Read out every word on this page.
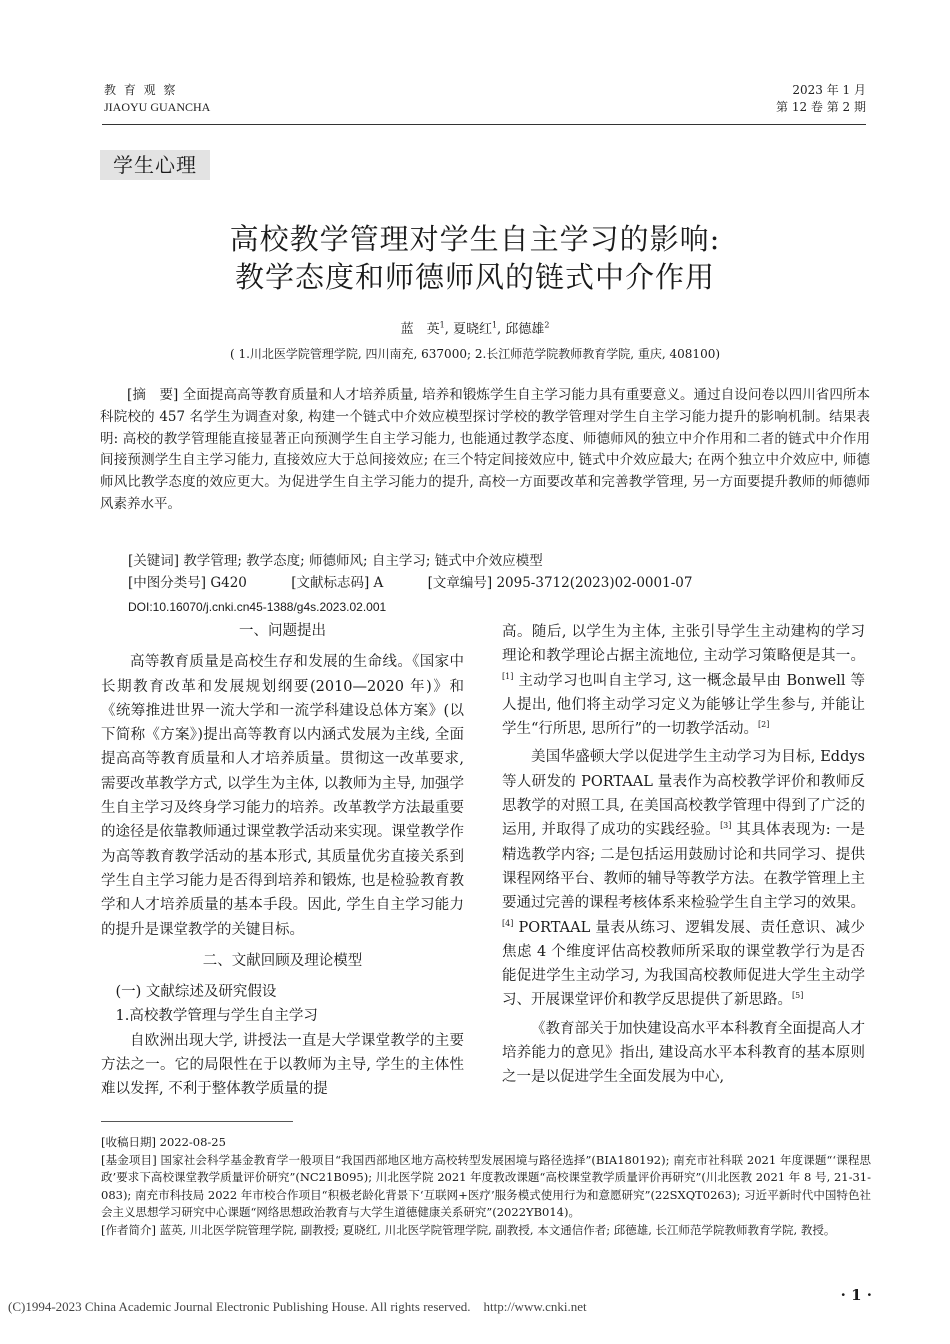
教 育 观 察
JIAOYU GUANCHA
2023 年 1 月
第 12 卷 第 2 期
学生心理
高校教学管理对学生自主学习的影响:
教学态度和师德师风的链式中介作用
蓝　英$^1$, 夏晓红$^1$, 邱德雄$^2$
( 1.川北医学院管理学院, 四川南充, 637000; 2.长江师范学院教师教育学院, 重庆, 408100)
[摘　要] 全面提高高等教育质量和人才培养质量, 培养和锻炼学生自主学习能力具有重要意义。通过自设问卷以四川省四所本科院校的 457 名学生为调查对象, 构建一个链式中介效应模型探讨学校的教学管理对学生自主学习能力提升的影响机制。结果表明: 高校的教学管理能直接显著正向预测学生自主学习能力, 也能通过教学态度、师德师风的独立中介作用和二者的链式中介作用间接预测学生自主学习能力, 直接效应大于总间接效应; 在三个特定间接效应中, 链式中介效应最大; 在两个独立中介效应中, 师德师风比教学态度的效应更大。为促进学生自主学习能力的提升, 高校一方面要改革和完善教学管理, 另一方面要提升教师的师德师风素养水平。
[关键词] 教学管理; 教学态度; 师德师风; 自主学习; 链式中介效应模型
[中图分类号] G420	[文献标志码] A	[文章编号] 2095-3712(2023)02-0001-07
DOI:10.16070/j.cnki.cn45-1388/g4s.2023.02.001
一、问题提出

高等教育质量是高校生存和发展的生命线。《国家中长期教育改革和发展规划纲要(2010—2020 年)》和《统筹推进世界一流大学和一流学科建设总体方案》(以下简称《方案》)提出高等教育以内涵式发展为主线, 全面提高高等教育质量和人才培养质量。贯彻这一改革要求, 需要改革教学方式, 以学生为主体, 以教师为主导, 加强学生自主学习及终身学习能力的培养。改革教学方法最重要的途径是依靠教师通过课堂教学活动来实现。课堂教学作为高等教育教学活动的基本形式, 其质量优劣直接关系到学生自主学习能力是否得到培养和锻炼, 也是检验教育教学和人才培养质量的基本手段。因此, 学生自主学习能力的提升是课堂教学的关键目标。

二、文献回顾及理论模型

(一) 文献综述及研究假设

1.高校教学管理与学生自主学习

自欧洲出现大学, 讲授法一直是大学课堂教学的主要方法之一。它的局限性在于以教师为主导, 学生的主体性难以发挥, 不利于整体教学质量的提

高。随后, 以学生为主体, 主张引导学生主动建构的学习理论和教学理论占据主流地位, 主动学习策略便是其一。[1] 主动学习也叫自主学习, 这一概念最早由 Bonwell 等人提出, 他们将主动学习定义为能够让学生参与, 并能让学生“行所思, 思所行”的一切教学活动。[2]

美国华盛顿大学以促进学生主动学习为目标, Eddys 等人研发的 PORTAAL 量表作为高校教学评价和教师反思教学的对照工具, 在美国高校教学管理中得到了广泛的运用, 并取得了成功的实践经验。[3] 其具体表现为: 一是精选教学内容; 二是包括运用鼓励讨论和共同学习、提供课程网络平台、教师的辅导等教学方法。在教学管理上主要通过完善的课程考核体系来检验学生自主学习的效果。[4] PORTAAL 量表从练习、逻辑发展、责任意识、减少焦虑 4 个维度评估高校教师所采取的课堂教学行为是否能促进学生主动学习, 为我国高校教师促进大学生主动学习、开展课堂评价和教学反思提供了新思路。[5]

《教育部关于加快建设高水平本科教育全面提高人才培养能力的意见》指出, 建设高水平本科教育的基本原则之一是以促进学生全面发展为中心,

[收稿日期] 2022-08-25

[基金项目] 国家社会科学基金教育学一般项目“我国西部地区地方高校转型发展困境与路径选择”(BIA180192); 南充市社科联 2021 年度课题“‘课程思政’要求下高校课堂教学质量评价研究”(NC21B095); 川北医学院 2021 年度教改课题“高校课堂教学质量评价再研究”(川北医教 2021 年 8 号, 21-31-083); 南充市科技局 2022 年市校合作项目“积极老龄化背景下‘互联网+医疗’服务模式使用行为和意愿研究”(22SXQT0263); 习近平新时代中国特色社会主义思想学习研究中心课题“网络思想政治教育与大学生道德健康关系研究”(2022YB014)。

[作者简介] 蓝英, 川北医学院管理学院, 副教授; 夏晓红, 川北医学院管理学院, 副教授, 本文通信作者; 邱德雄, 长江师范学院教师教育学院, 教授。

(C)1994-2023 China Academic Journal Electronic Publishing House. All rights reserved.    http://www.cnki.net
· 1 ·
